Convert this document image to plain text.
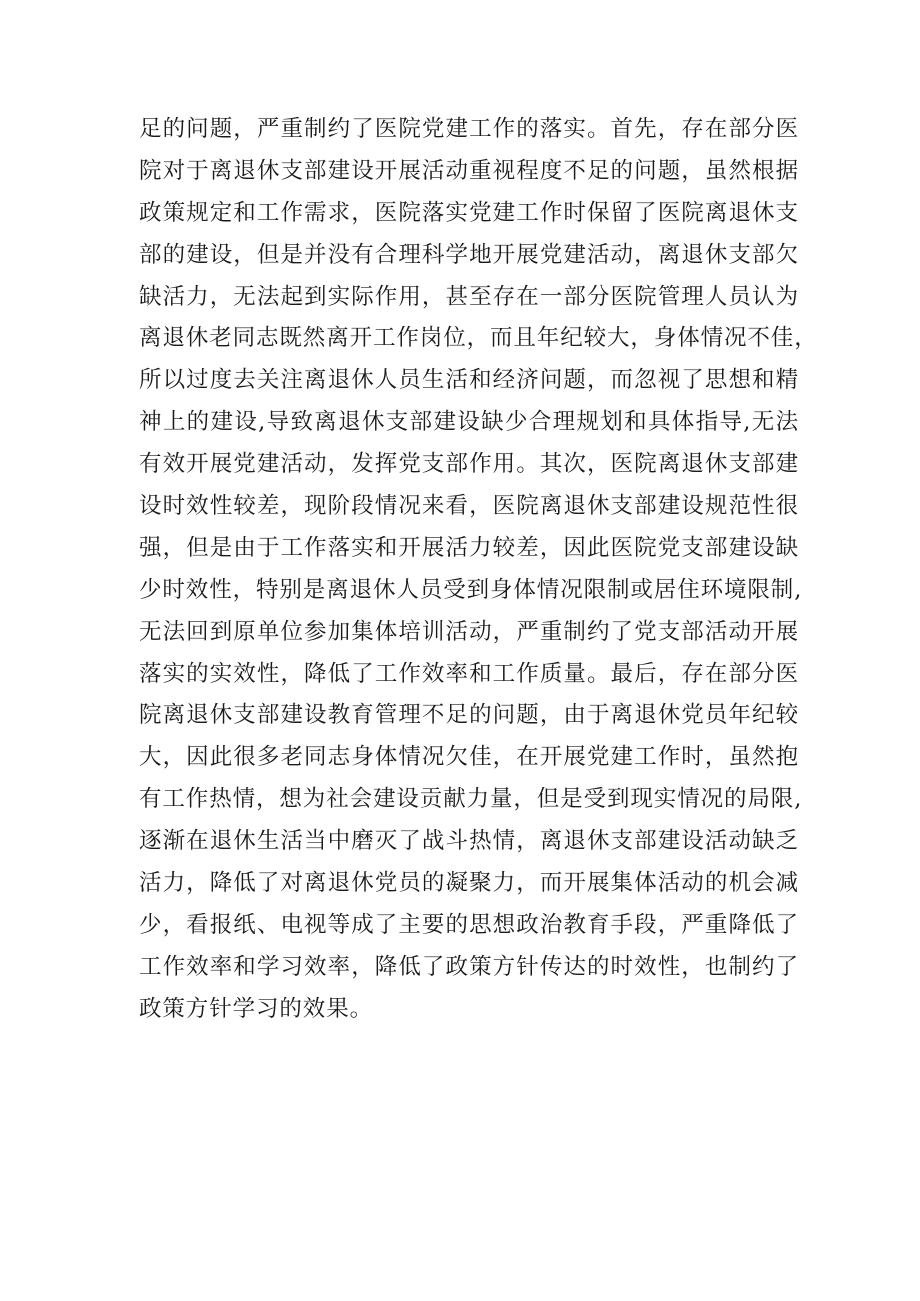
足的问题，严重制约了医院党建工作的落实。首先，存在部分医
院对于离退休支部建设开展活动重视程度不足的问题，虽然根据
政策规定和工作需求，医院落实党建工作时保留了医院离退休支
部的建设，但是并没有合理科学地开展党建活动，离退休支部欠
缺活力，无法起到实际作用，甚至存在一部分医院管理人员认为
离退休老同志既然离开工作岗位，而且年纪较大，身体情况不佳，
所以过度去关注离退休人员生活和经济问题，而忽视了思想和精
神上的建设,导致离退休支部建设缺少合理规划和具体指导,无法
有效开展党建活动，发挥党支部作用。其次，医院离退休支部建
设时效性较差，现阶段情况来看，医院离退休支部建设规范性很
强，但是由于工作落实和开展活力较差，因此医院党支部建设缺
少时效性，特别是离退休人员受到身体情况限制或居住环境限制,
无法回到原单位参加集体培训活动，严重制约了党支部活动开展
落实的实效性，降低了工作效率和工作质量。最后，存在部分医
院离退休支部建设教育管理不足的问题，由于离退休党员年纪较
大，因此很多老同志身体情况欠佳，在开展党建工作时，虽然抱
有工作热情，想为社会建设贡献力量，但是受到现实情况的局限,
逐渐在退休生活当中磨灭了战斗热情，离退休支部建设活动缺乏
活力，降低了对离退休党员的凝聚力，而开展集体活动的机会减
少，看报纸、电视等成了主要的思想政治教育手段，严重降低了
工作效率和学习效率，降低了政策方针传达的时效性，也制约了
政策方针学习的效果。
